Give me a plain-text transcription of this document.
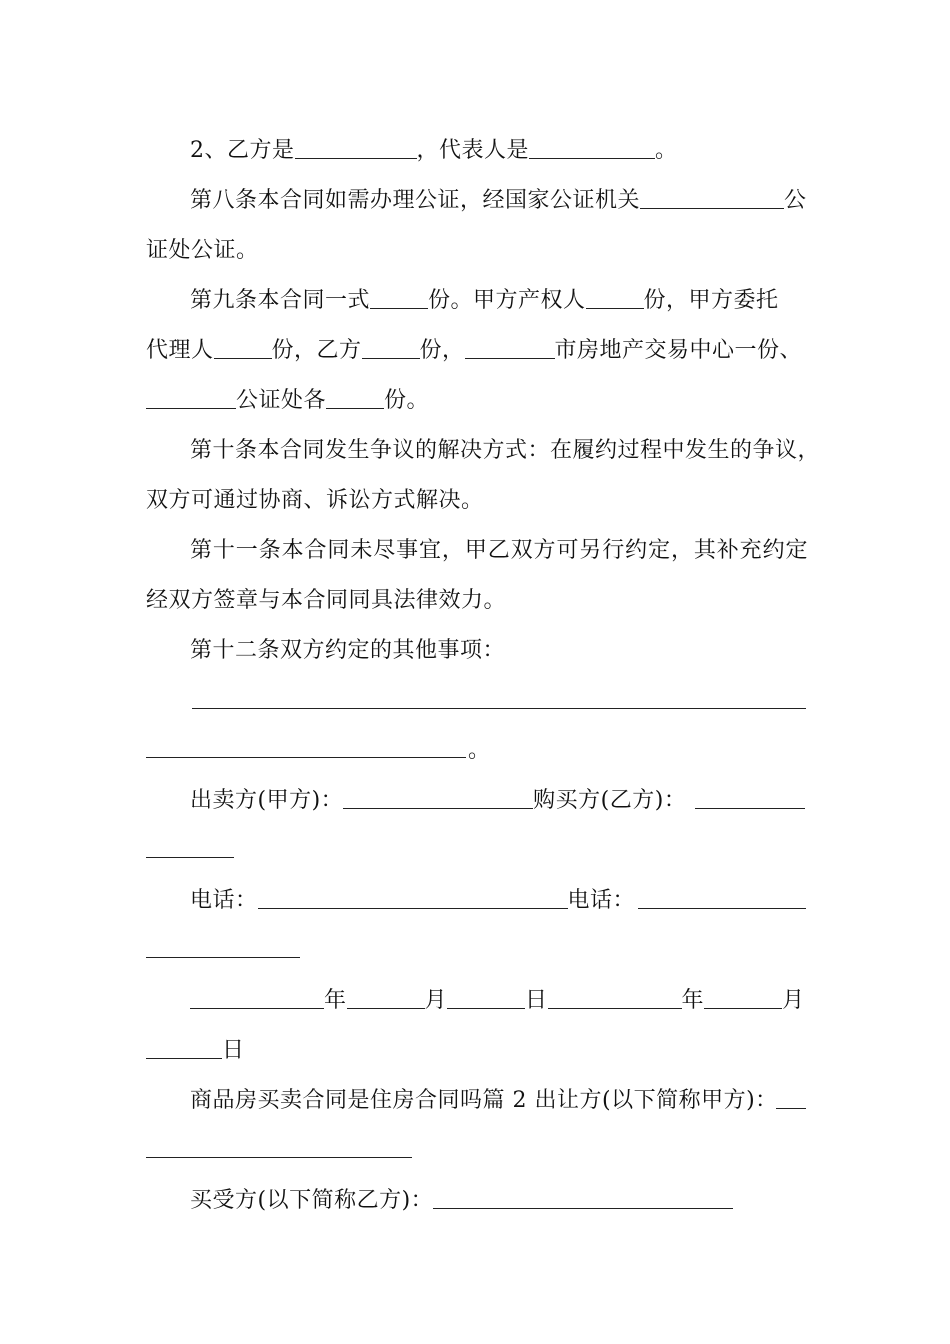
2、乙方是	，代表人是	。
第八条本合同如需办理公证，经国家公证机关	公
证处公证。
第九条本合同一式	份。甲方产权人	份，甲方委托
代理人	份，乙方	份，	市房地产交易中心一份、
公证处各	份。
第十条本合同发生争议的解决方式：在履约过程中发生的争议，
双方可通过协商、诉讼方式解决。
第十一条本合同未尽事宜，甲乙双方可另行约定，其补充约定
经双方签章与本合同同具法律效力。
第十二条双方约定的其他事项：
。
出卖方(甲方)：	购买方(乙方)：
电话：	电话：
年	月	日	年	月
日
商品房买卖合同是住房合同吗篇 2 出让方(以下简称甲方)：
买受方(以下简称乙方)：
